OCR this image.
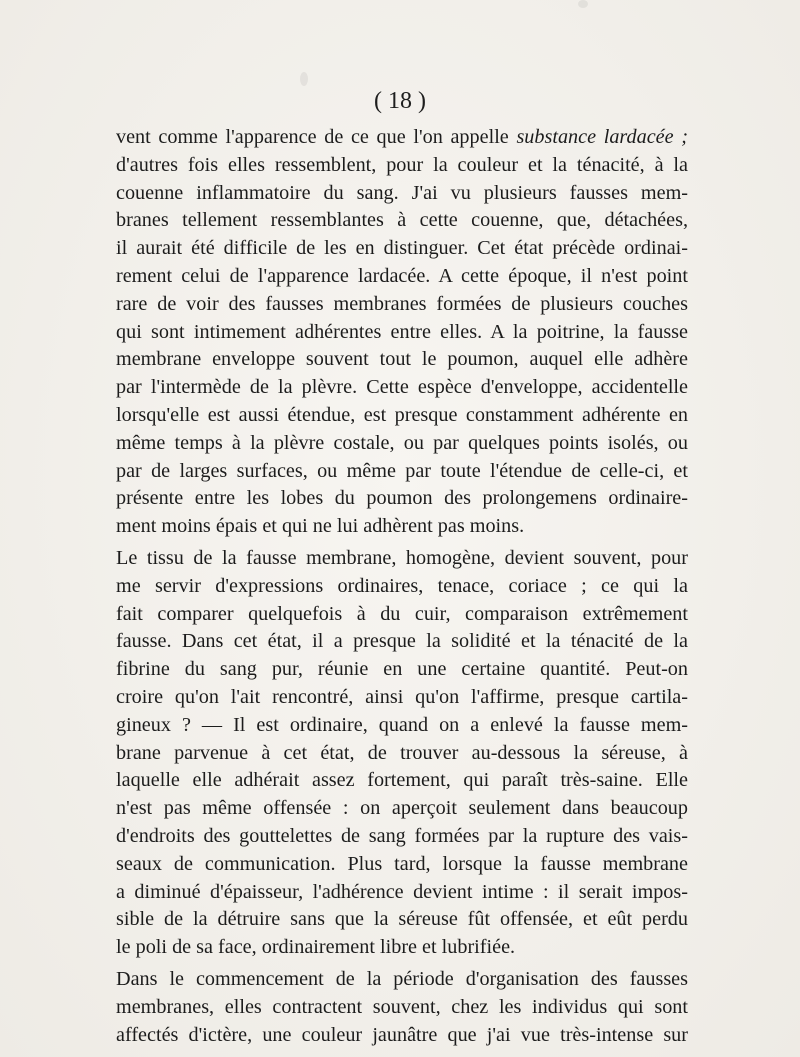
( 18 )
vent comme l'apparence de ce que l'on appelle substance lardacée ;
d'autres fois elles ressemblent, pour la couleur et la ténacité, à la
couenne inflammatoire du sang. J'ai vu plusieurs fausses mem-
branes tellement ressemblantes à cette couenne, que, détachées,
il aurait été difficile de les en distinguer. Cet état précède ordinai-
rement celui de l'apparence lardacée. A cette époque, il n'est point
rare de voir des fausses membranes formées de plusieurs couches
qui sont intimement adhérentes entre elles. A la poitrine, la fausse
membrane enveloppe souvent tout le poumon, auquel elle adhère
par l'intermède de la plèvre. Cette espèce d'enveloppe, accidentelle
lorsqu'elle est aussi étendue, est presque constamment adhérente en
même temps à la plèvre costale, ou par quelques points isolés, ou
par de larges surfaces, ou même par toute l'étendue de celle-ci, et
présente entre les lobes du poumon des prolongemens ordinaire-
ment moins épais et qui ne lui adhèrent pas moins.
Le tissu de la fausse membrane, homogène, devient souvent, pour
me servir d'expressions ordinaires, tenace, coriace ; ce qui la
fait comparer quelquefois à du cuir, comparaison extrêmement
fausse. Dans cet état, il a presque la solidité et la ténacité de la
fibrine du sang pur, réunie en une certaine quantité. Peut-on
croire qu'on l'ait rencontré, ainsi qu'on l'affirme, presque cartila-
gineux ? — Il est ordinaire, quand on a enlevé la fausse mem-
brane parvenue à cet état, de trouver au-dessous la séreuse, à
laquelle elle adhérait assez fortement, qui paraît très-saine. Elle
n'est pas même offensée : on aperçoit seulement dans beaucoup
d'endroits des gouttelettes de sang formées par la rupture des vais-
seaux de communication. Plus tard, lorsque la fausse membrane
a diminué d'épaisseur, l'adhérence devient intime : il serait impos-
sible de la détruire sans que la séreuse fût offensée, et eût perdu
le poli de sa face, ordinairement libre et lubrifiée.
Dans le commencement de la période d'organisation des fausses
membranes, elles contractent souvent, chez les individus qui sont
affectés d'ictère, une couleur jaunâtre que j'ai vue très-intense sur
